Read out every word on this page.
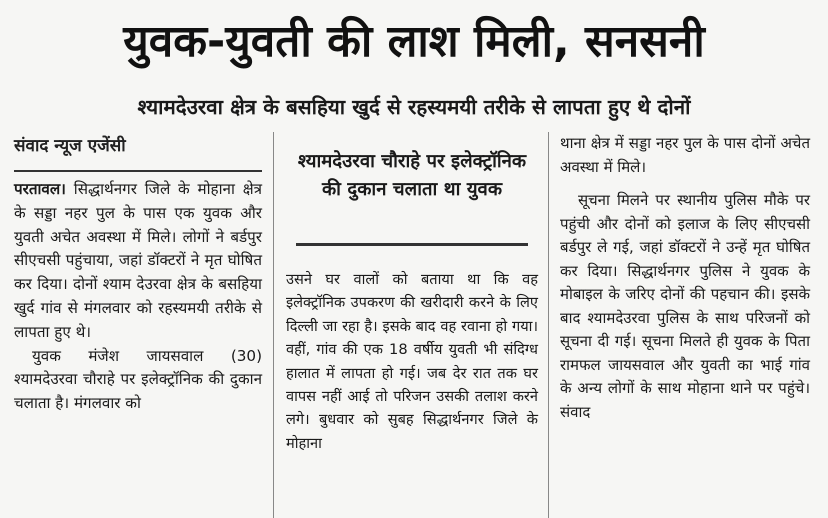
युवक-युवती की लाश मिली, सनसनी
श्यामदेउरवा क्षेत्र के बसहिया खुर्द से रहस्यमयी तरीके से लापता हुए थे दोनों
संवाद न्यूज एजेंसी

परतावल। सिद्धार्थनगर जिले के मोहाना क्षेत्र के सड्डा नहर पुल के पास एक युवक और युवती अचेत अवस्था में मिले। लोगों ने बर्डपुर सीएचसी पहुंचाया, जहां डॉक्टरों ने मृत घोषित कर दिया। दोनों श्याम देउरवा क्षेत्र के बसहिया खुर्द गांव से मंगलवार को रहस्यमयी तरीके से लापता हुए थे।

युवक मंजेश जायसवाल (30) श्यामदेउरवा चौराहे पर इलेक्ट्रॉनिक की दुकान चलाता है। मंगलवार को

श्यामदेउरवा चौराहे पर इलेक्ट्रॉनिक की दुकान चलाता था युवक

उसने घर वालों को बताया था कि वह इलेक्ट्रॉनिक उपकरण की खरीदारी करने के लिए दिल्ली जा रहा है। इसके बाद वह रवाना हो गया। वहीं, गांव की एक 18 वर्षीय युवती भी संदिग्ध हालात में लापता हो गई। जब देर रात तक घर वापस नहीं आई तो परिजन उसकी तलाश करने लगे। बुधवार को सुबह सिद्धार्थनगर जिले के मोहाना

थाना क्षेत्र में सड्डा नहर पुल के पास दोनों अचेत अवस्था में मिले।

सूचना मिलने पर स्थानीय पुलिस मौके पर पहुंची और दोनों को इलाज के लिए सीएचसी बर्डपुर ले गई, जहां डॉक्टरों ने उन्हें मृत घोषित कर दिया। सिद्धार्थनगर पुलिस ने युवक के मोबाइल के जरिए दोनों की पहचान की। इसके बाद श्यामदेउरवा पुलिस के साथ परिजनों को सूचना दी गई। सूचना मिलते ही युवक के पिता रामफल जायसवाल और युवती का भाई गांव के अन्य लोगों के साथ मोहाना थाने पर पहुंचे। संवाद
